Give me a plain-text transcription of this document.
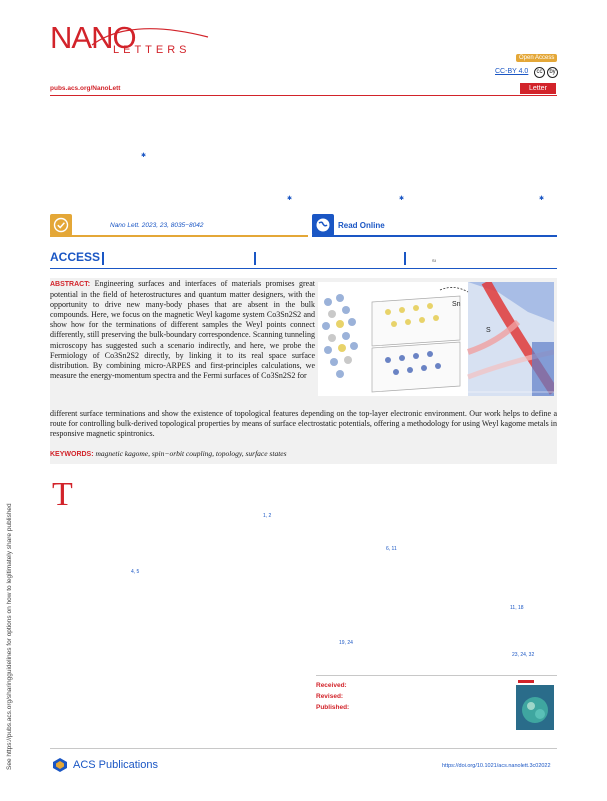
NANO
LETTERS
Open Access
CC-BY 4.0	cc	by
pubs.acs.org/NanoLett	Letter
✱
✱	✱	✱
Nano Lett. 2023, 23, 8035−8042	Read Online
ACCESS	SI
ABSTRACT: Engineering surfaces and interfaces of materials promises great potential in the field of heterostructures and quantum matter designers, with the opportunity to drive new many-body phases that are absent in the bulk compounds. Here, we focus on the magnetic Weyl kagome system Co3Sn2S2 and show how for the terminations of different samples the Weyl points connect differently, still preserving the bulk-boundary correspondence. Scanning tunneling microscopy has suggested such a scenario indirectly, and here, we probe the Fermiology of Co3Sn2S2 directly, by linking it to its real space surface distribution. By combining micro-ARPES and first-principles calculations, we measure the energy-momentum spectra and the Fermi surfaces of Co3Sn2S2 for
different surface terminations and show the existence of topological features depending on the top-layer electronic environment. Our work helps to define a route for controlling bulk-derived topological properties by means of surface electrostatic potentials, offering a methodology for using Weyl kagome metals in responsive magnetic spintronics.
Sn
S
KEYWORDS: magnetic kagome, spin−orbit coupling, topology, surface states
T
1, 2
6, 11
4, 5
11, 18
19, 24
23, 24, 32
See https://pubs.acs.org/sharingguidelines for options on how to legitimately share published	Received:
Revised:
Published:
ACS Publications	https://doi.org/10.1021/acs.nanolett.3c02022
